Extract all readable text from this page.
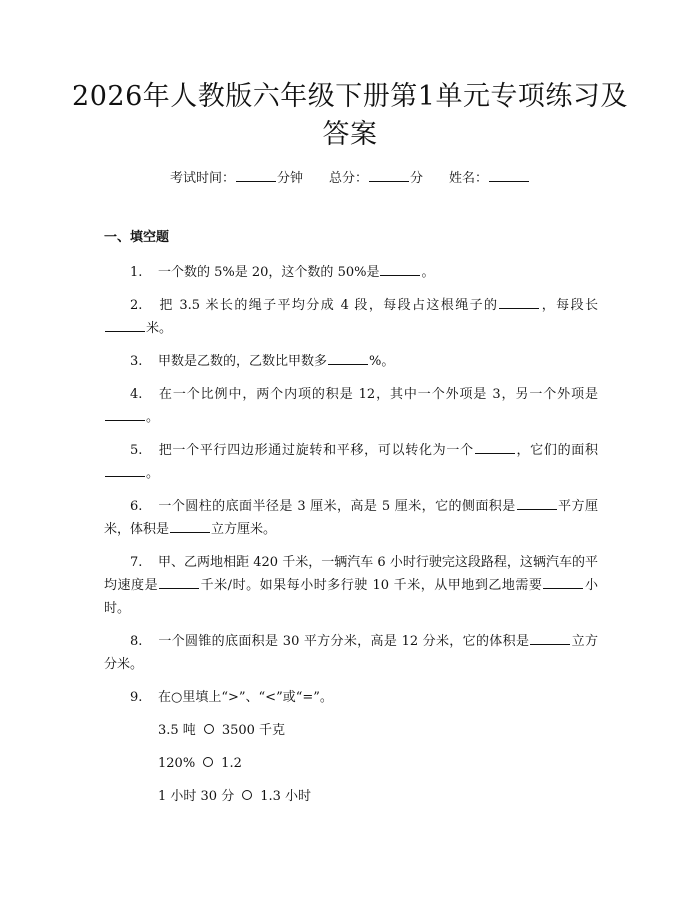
2026年人教版六年级下册第1单元专项练习及答案
考试时间：	分钟 总分：	分 姓名：
一、填空题
1. 一个数的 5%是 20，这个数的 50%是	。
2. 把 3.5 米长的绳子平均分成 4 段，每段占这根绳子的	，每段长米。
3. 甲数是乙数的，乙数比甲数多	%。
4. 在一个比例中，两个内项的积是 12，其中一个外项是 3，另一个外项是。
5. 把一个平行四边形通过旋转和平移，可以转化为一个	，它们的面积。
6. 一个圆柱的底面半径是 3 厘米，高是 5 厘米，它的侧面积是	平方厘米，体积是	立方厘米。
7. 甲、乙两地相距 420 千米，一辆汽车 6 小时行驶完这段路程，这辆汽车的平均速度是	千米/时。如果每小时多行驶 10 千米，从甲地到乙地需要	小时。
8. 一个圆锥的底面积是 30 平方分米，高是 12 分米，它的体积是	立方分米。
9. 在○里填上“>”、“<”或“=”。
3.5 吨 3500 千克
120% 1.2
1 小时 30 分 1.3 小时
